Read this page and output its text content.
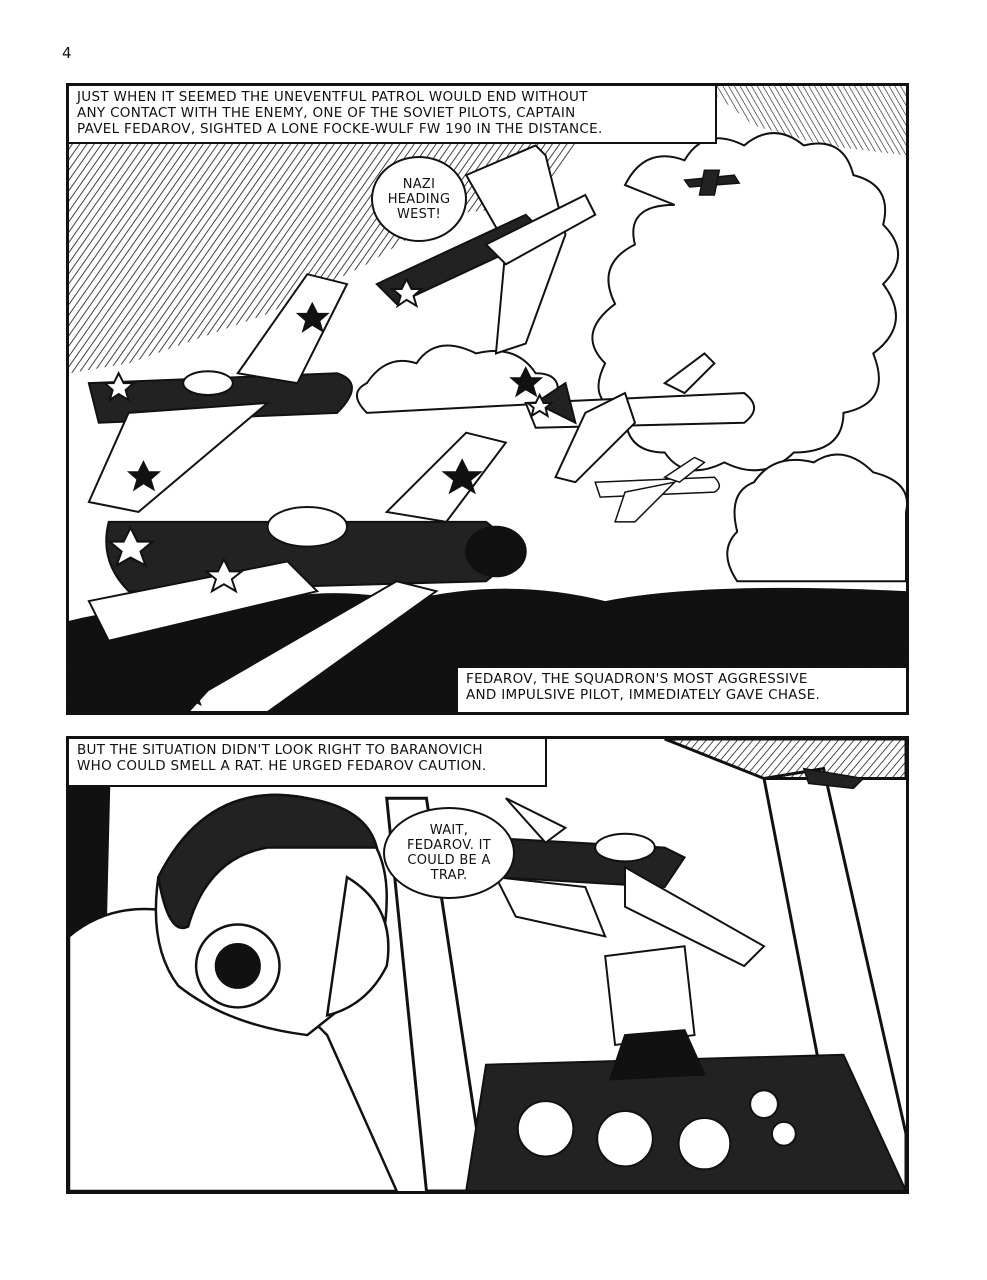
4
JUST WHEN IT SEEMED THE UNEVENTFUL PATROL WOULD END WITHOUT
ANY CONTACT WITH THE ENEMY, ONE OF THE SOVIET PILOTS, CAPTAIN
PAVEL FEDAROV, SIGHTED A LONE FOCKE-WULF FW 190 IN THE DISTANCE.
NAZI
HEADING
WEST!
FEDAROV, THE SQUADRON'S MOST AGGRESSIVE
AND IMPULSIVE PILOT, IMMEDIATELY GAVE CHASE.
BUT THE SITUATION DIDN'T LOOK RIGHT TO BARANOVICH
WHO COULD SMELL A RAT. HE URGED FEDAROV CAUTION.
WAIT,
FEDAROV. IT
COULD BE A
TRAP.
